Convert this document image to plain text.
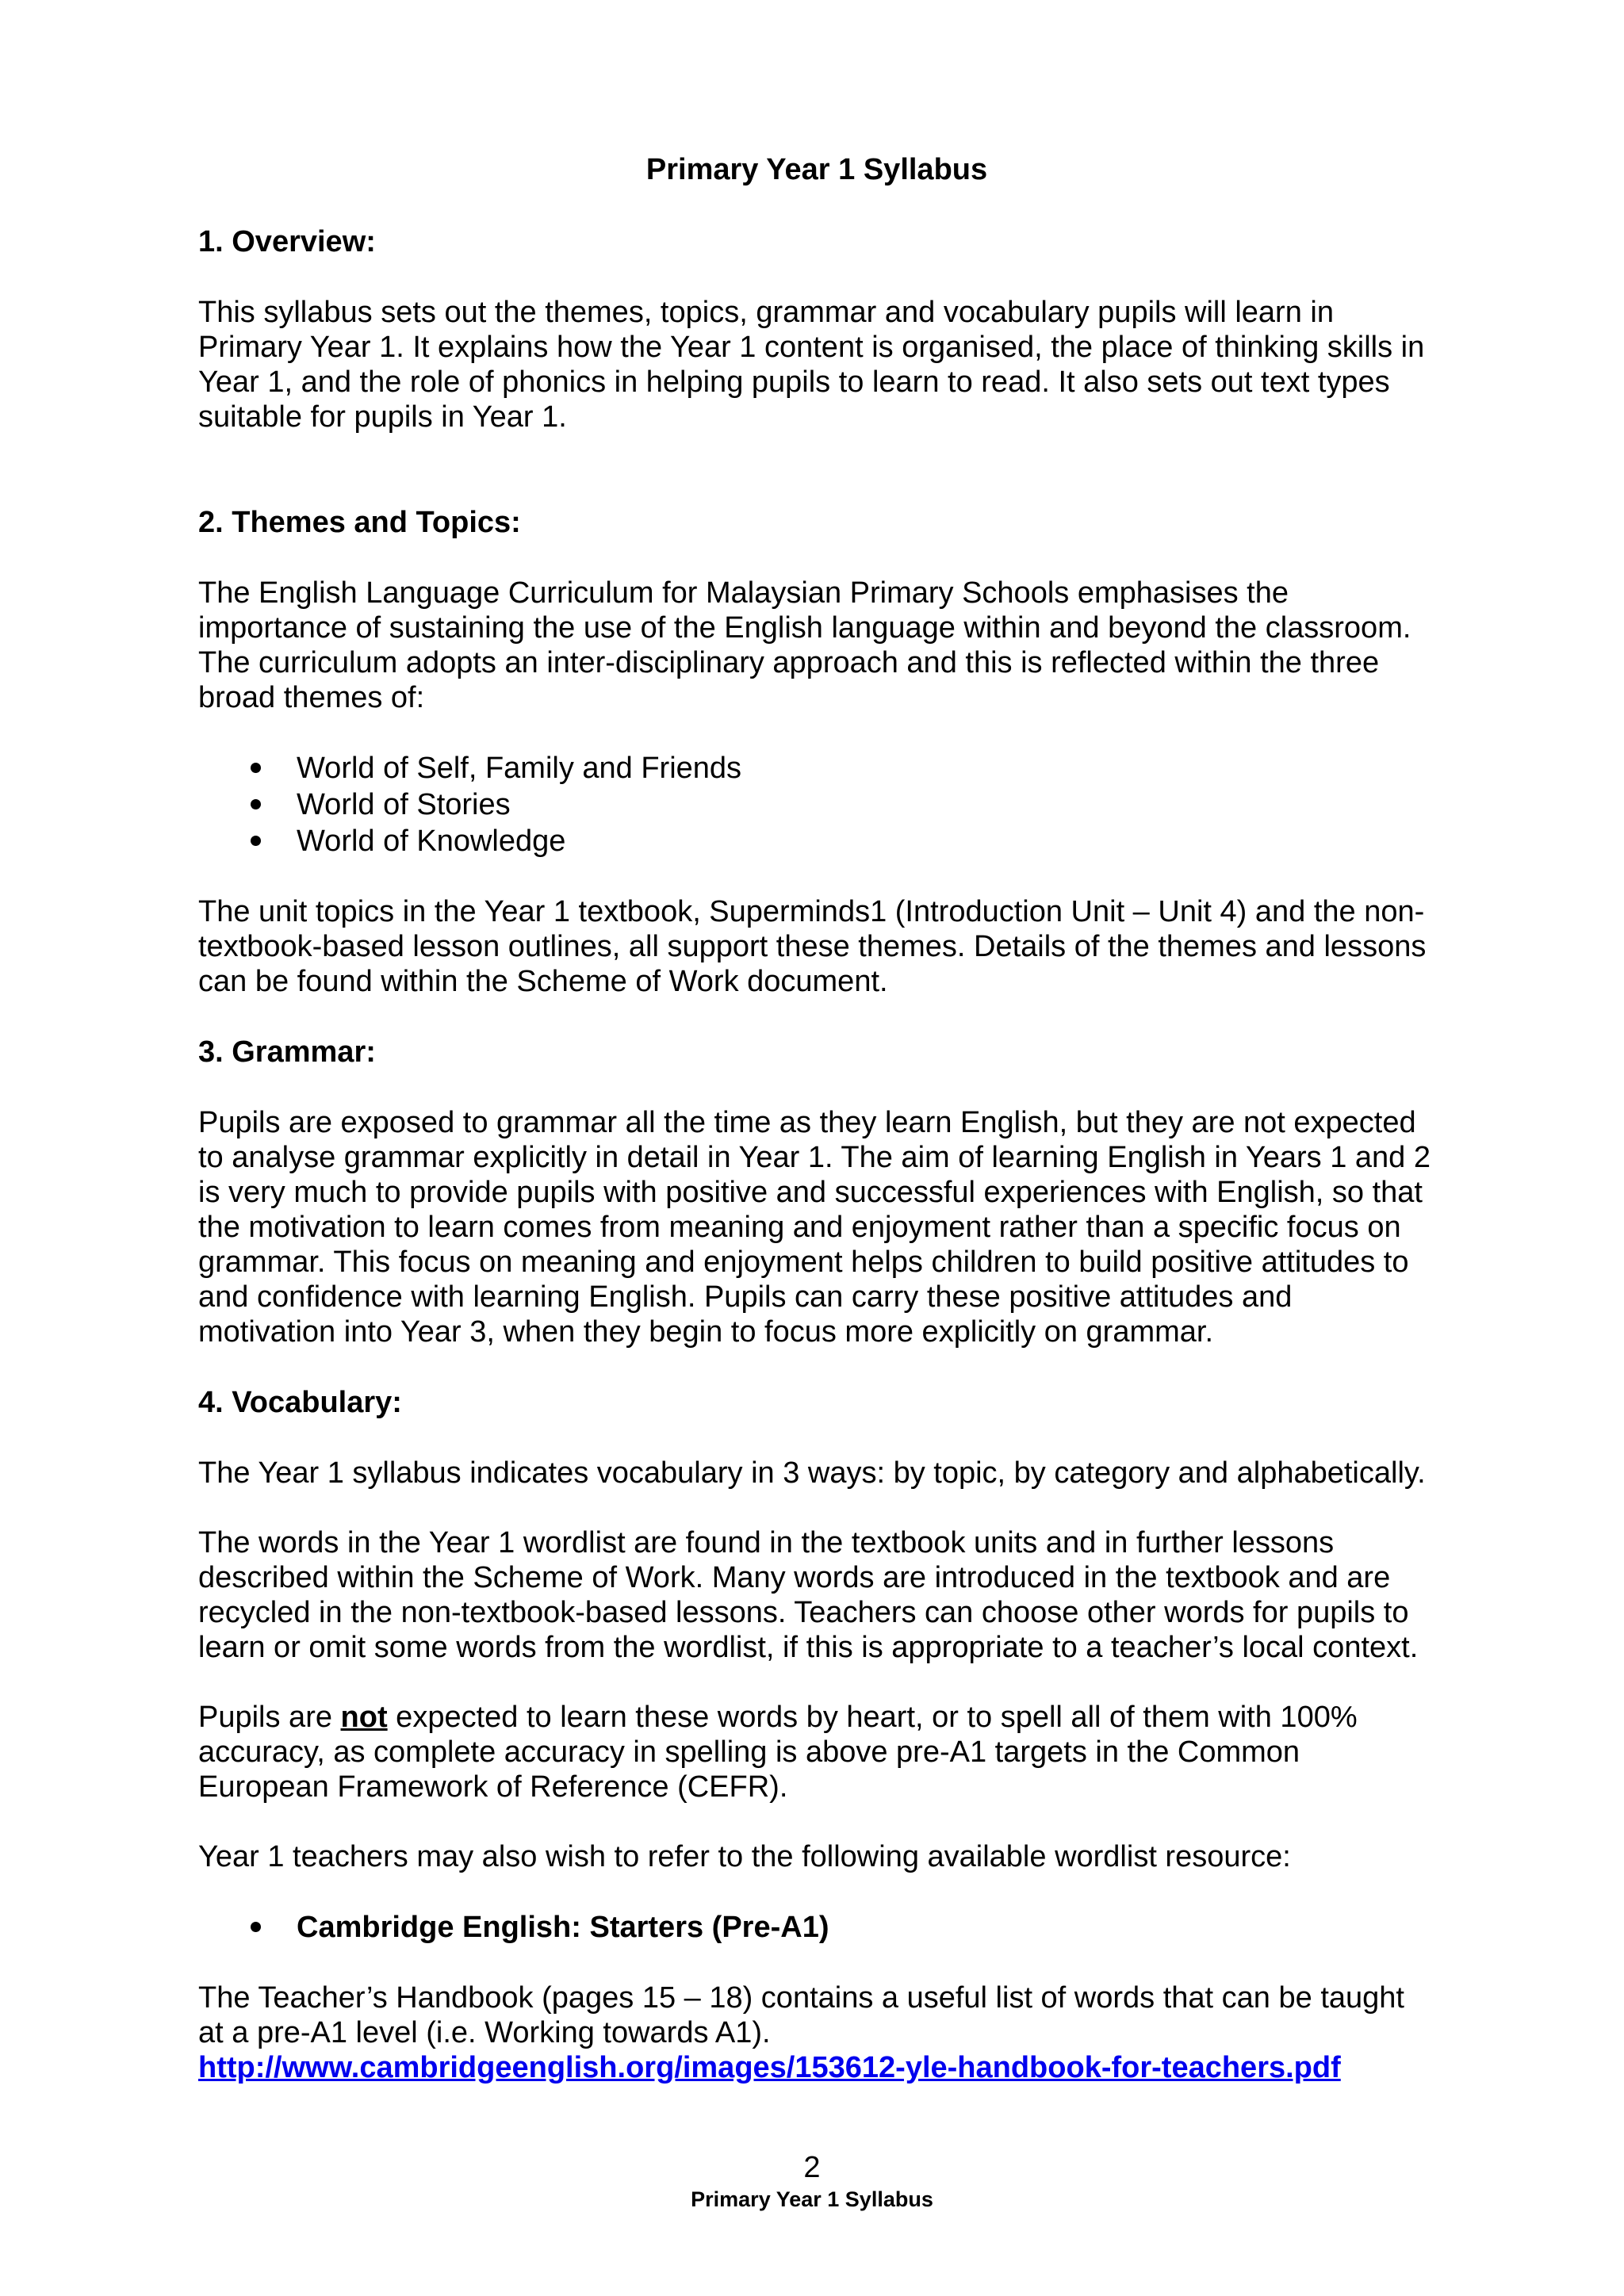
Primary Year 1 Syllabus
1. Overview:
This syllabus sets out the themes, topics, grammar and vocabulary pupils will learn in Primary Year 1. It explains how the Year 1 content is organised, the place of thinking skills in Year 1, and the role of phonics in helping pupils to learn to read. It also sets out text types suitable for pupils in Year 1.
2. Themes and Topics:
The English Language Curriculum for Malaysian Primary Schools emphasises the importance of sustaining the use of the English language within and beyond the classroom. The curriculum adopts an inter-disciplinary approach and this is reflected within the three broad themes of:
World of Self, Family and Friends
World of Stories
World of Knowledge
The unit topics in the Year 1 textbook, Superminds1 (Introduction Unit – Unit 4) and the non-textbook-based lesson outlines, all support these themes. Details of the themes and lessons can be found within the Scheme of Work document.
3. Grammar:
Pupils are exposed to grammar all the time as they learn English, but they are not expected to analyse grammar explicitly in detail in Year 1. The aim of learning English in Years 1 and 2 is very much to provide pupils with positive and successful experiences with English, so that the motivation to learn comes from meaning and enjoyment rather than a specific focus on grammar. This focus on meaning and enjoyment helps children to build positive attitudes to and confidence with learning English. Pupils can carry these positive attitudes and motivation into Year 3, when they begin to focus more explicitly on grammar.
4. Vocabulary:
The Year 1 syllabus indicates vocabulary in 3 ways: by topic, by category and alphabetically.
The words in the Year 1 wordlist are found in the textbook units and in further lessons described within the Scheme of Work. Many words are introduced in the textbook and are recycled in the non-textbook-based lessons. Teachers can choose other words for pupils to learn or omit some words from the wordlist, if this is appropriate to a teacher’s local context.
Pupils are not expected to learn these words by heart, or to spell all of them with 100% accuracy, as complete accuracy in spelling is above pre-A1 targets in the Common European Framework of Reference (CEFR).
Year 1 teachers may also wish to refer to the following available wordlist resource:
Cambridge English: Starters (Pre-A1)
The Teacher’s Handbook (pages 15 – 18) contains a useful list of words that can be taught at a pre-A1 level (i.e. Working towards A1).
http://www.cambridgeenglish.org/images/153612-yle-handbook-for-teachers.pdf
2
Primary Year 1 Syllabus
